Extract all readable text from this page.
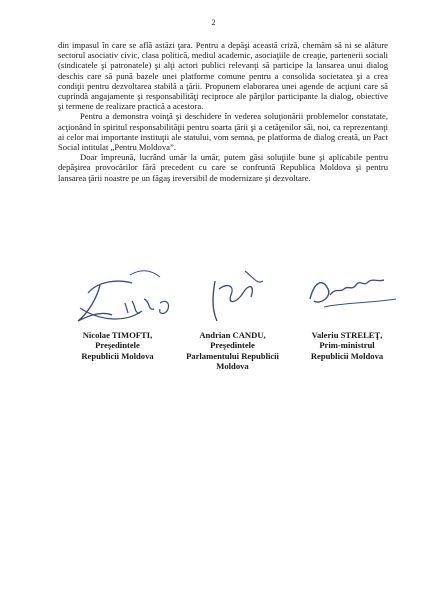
2

din impasul în care se află astăzi ţara. Pentru a depăşi această criză, chemăm să ni se alăture sectorul asociativ civic, clasa politică, mediul academic, asociaţiile de creaţie, partenerii sociali (sindicatele şi patronatele) şi alţi actori publici relevanţi să participe la lansarea unui dialog deschis care să pună bazele unei platforme comune pentru a consolida societatea şi a crea condiţii pentru dezvoltarea stabilă a ţării. Propunem elaborarea unei agende de acţiuni care să cuprindă angajamente şi responsabilităţi reciproce ale părţilor participante la dialog, obiective şi termene de realizare practică a acestora.

Pentru a demonstra voinţă şi deschidere în vederea soluţionării problemelor constatate, acţionând în spiritul responsabilităţii pentru soarta ţării şi a cetăţenilor săi, noi, ca reprezentanţi ai celor mai importante instituţii ale statului, vom semna, pe platforma de dialog creată, un Pact Social intitulat „Pentru Moldova”.

Doar împreună, lucrând umăr la umăr, putem găsi soluţiile bune şi aplicabile pentru depăşirea provocărilor fără precedent cu care se confruntă Republica Moldova şi pentru lansarea ţării noastre pe un făgaş ireversibil de modernizare şi dezvoltare.

Nicolae TIMOFTI,
Preşedintele
Republicii Moldova
Andrian CANDU,
Preşedintele
Parlamentului Republicii
Moldova
Valeriu STRELEŢ,
Prim-ministrul
Republicii Moldova
